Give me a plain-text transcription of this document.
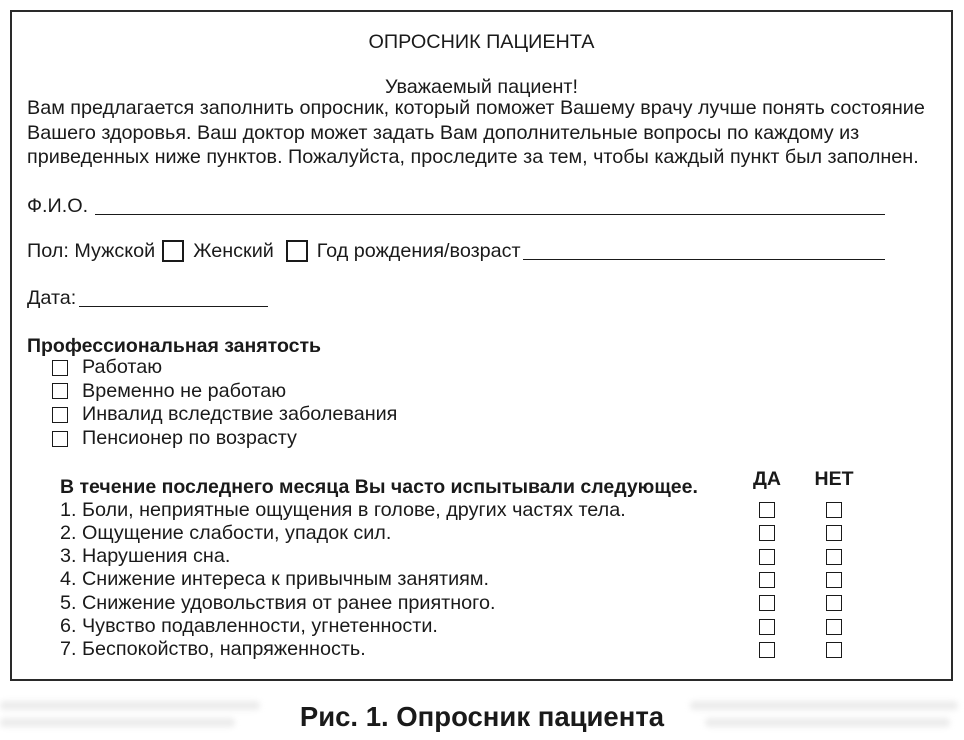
ОПРОСНИК ПАЦИЕНТА
Уважаемый пациент!
Вам предлагается заполнить опросник, который поможет Вашему врачу лучше понять состояние
Вашего здоровья. Ваш доктор может задать Вам дополнительные вопросы по каждому из
приведенных ниже пунктов. Пожалуйста, проследите за тем, чтобы каждый пункт был заполнен.
Ф.И.О.
Пол: Мужской Женский Год рождения/возраст
Дата:
Профессиональная занятость
Работаю
Временно не работаю
Инвалид вследствие заболевания
Пенсионер по возрасту
В течение последнего месяца Вы часто испытывали следующее.	ДА	НЕТ
1. Боли, неприятные ощущения в голове, других частях тела.
2. Ощущение слабости, упадок сил.
3. Нарушения сна.
4. Снижение интереса к привычным занятиям.
5. Снижение удовольствия от ранее приятного.
6. Чувство подавленности, угнетенности.
7. Беспокойство, напряженность.
Рис. 1. Опросник пациента
